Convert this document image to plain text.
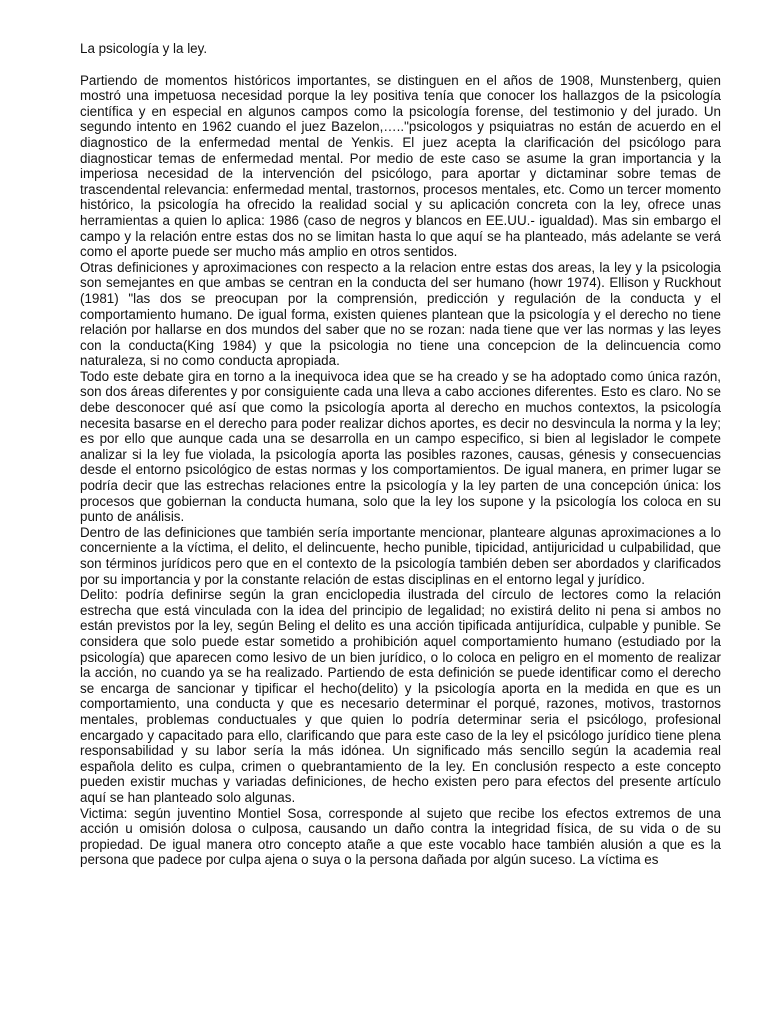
La psicología y la ley.

Partiendo de momentos históricos importantes, se distinguen en el años de 1908, Munstenberg, quien mostró una impetuosa necesidad porque la ley positiva tenía que conocer los hallazgos de la psicología científica y en especial en algunos campos como la psicología forense, del testimonio y del jurado. Un segundo intento en 1962 cuando el juez Bazelon,….."psicologos y psiquiatras no están de acuerdo en el diagnostico de la enfermedad mental de Yenkis. El juez acepta la clarificación del psicólogo para diagnosticar temas de enfermedad mental. Por medio de este caso se asume la gran importancia y la imperiosa necesidad de la intervención del psicólogo, para aportar y dictaminar sobre temas de trascendental relevancia: enfermedad mental, trastornos, procesos mentales, etc. Como un tercer momento histórico, la psicología ha ofrecido la realidad social y su aplicación concreta con la ley, ofrece unas herramientas a quien lo aplica: 1986 (caso de negros y blancos en EE.UU.- igualdad). Mas sin embargo el campo y la relación entre estas dos no se limitan hasta lo que aquí se ha planteado, más adelante se verá como el aporte puede ser mucho más amplio en otros sentidos.

Otras definiciones y aproximaciones con respecto a la relacion entre estas dos areas, la ley y la psicologia son semejantes en que ambas se centran en la conducta del ser humano (howr 1974). Ellison y Ruckhout (1981) "las dos se preocupan por la comprensión, predicción y regulación de la conducta y el comportamiento humano. De igual forma, existen quienes plantean que la psicología y el derecho no tiene relación por hallarse en dos mundos del saber que no se rozan: nada tiene que ver las normas y las leyes con la conducta(King 1984) y que la psicologia no tiene una concepcion de la delincuencia como naturaleza, si no como conducta apropiada.

Todo este debate gira en torno a la inequivoca idea que se ha creado y se ha adoptado como única razón, son dos áreas diferentes y por consiguiente cada una lleva a cabo acciones diferentes. Esto es claro. No se debe desconocer qué así que como la psicología aporta al derecho en muchos contextos, la psicología necesita basarse en el derecho para poder realizar dichos aportes, es decir no desvincula la norma y la ley; es por ello que aunque cada una se desarrolla en un campo especifico, si bien al legislador le compete analizar si la ley fue violada, la psicología aporta las posibles razones, causas, génesis y consecuencias desde el entorno psicológico de estas normas y los comportamientos. De igual manera, en primer lugar se podría decir que las estrechas relaciones entre la psicología y la ley parten de una concepción única: los procesos que gobiernan la conducta humana, solo que la ley los supone y la psicología los coloca en su punto de análisis.

Dentro de las definiciones que también sería importante mencionar, planteare algunas aproximaciones a lo concerniente a la víctima, el delito, el delincuente, hecho punible, tipicidad, antijuricidad u culpabilidad, que son términos jurídicos pero que en el contexto de la psicología también deben ser abordados y clarificados por su importancia y por la constante relación de estas disciplinas en el entorno legal y jurídico.

Delito: podría definirse según la gran enciclopedia ilustrada del círculo de lectores como la relación estrecha que está vinculada con la idea del principio de legalidad; no existirá delito ni pena si ambos no están previstos por la ley, según Beling el delito es una acción tipificada antijurídica, culpable y punible. Se considera que solo puede estar sometido a prohibición aquel comportamiento humano (estudiado por la psicología) que aparecen como lesivo de un bien jurídico, o lo coloca en peligro en el momento de realizar la acción, no cuando ya se ha realizado. Partiendo de esta definición se puede identificar como el derecho se encarga de sancionar y tipificar el hecho(delito) y la psicología aporta en la medida en que es un comportamiento, una conducta y que es necesario determinar el porqué, razones, motivos, trastornos mentales, problemas conductuales y que quien lo podría determinar seria el psicólogo, profesional encargado y capacitado para ello, clarificando que para este caso de la ley el psicólogo jurídico tiene plena responsabilidad y su labor sería la más idónea. Un significado más sencillo según la academia real española delito es culpa, crimen o quebrantamiento de la ley. En conclusión respecto a este concepto pueden existir muchas y variadas definiciones, de hecho existen pero para efectos del presente artículo aquí se han planteado solo algunas.

Victima: según juventino Montiel Sosa, corresponde al sujeto que recibe los efectos extremos de una acción u omisión dolosa o culposa, causando un daño contra la integridad física, de su vida o de su propiedad. De igual manera otro concepto atañe a que este vocablo hace también alusión a que es la persona que padece por culpa ajena o suya o la persona dañada por algún suceso. La víctima es
